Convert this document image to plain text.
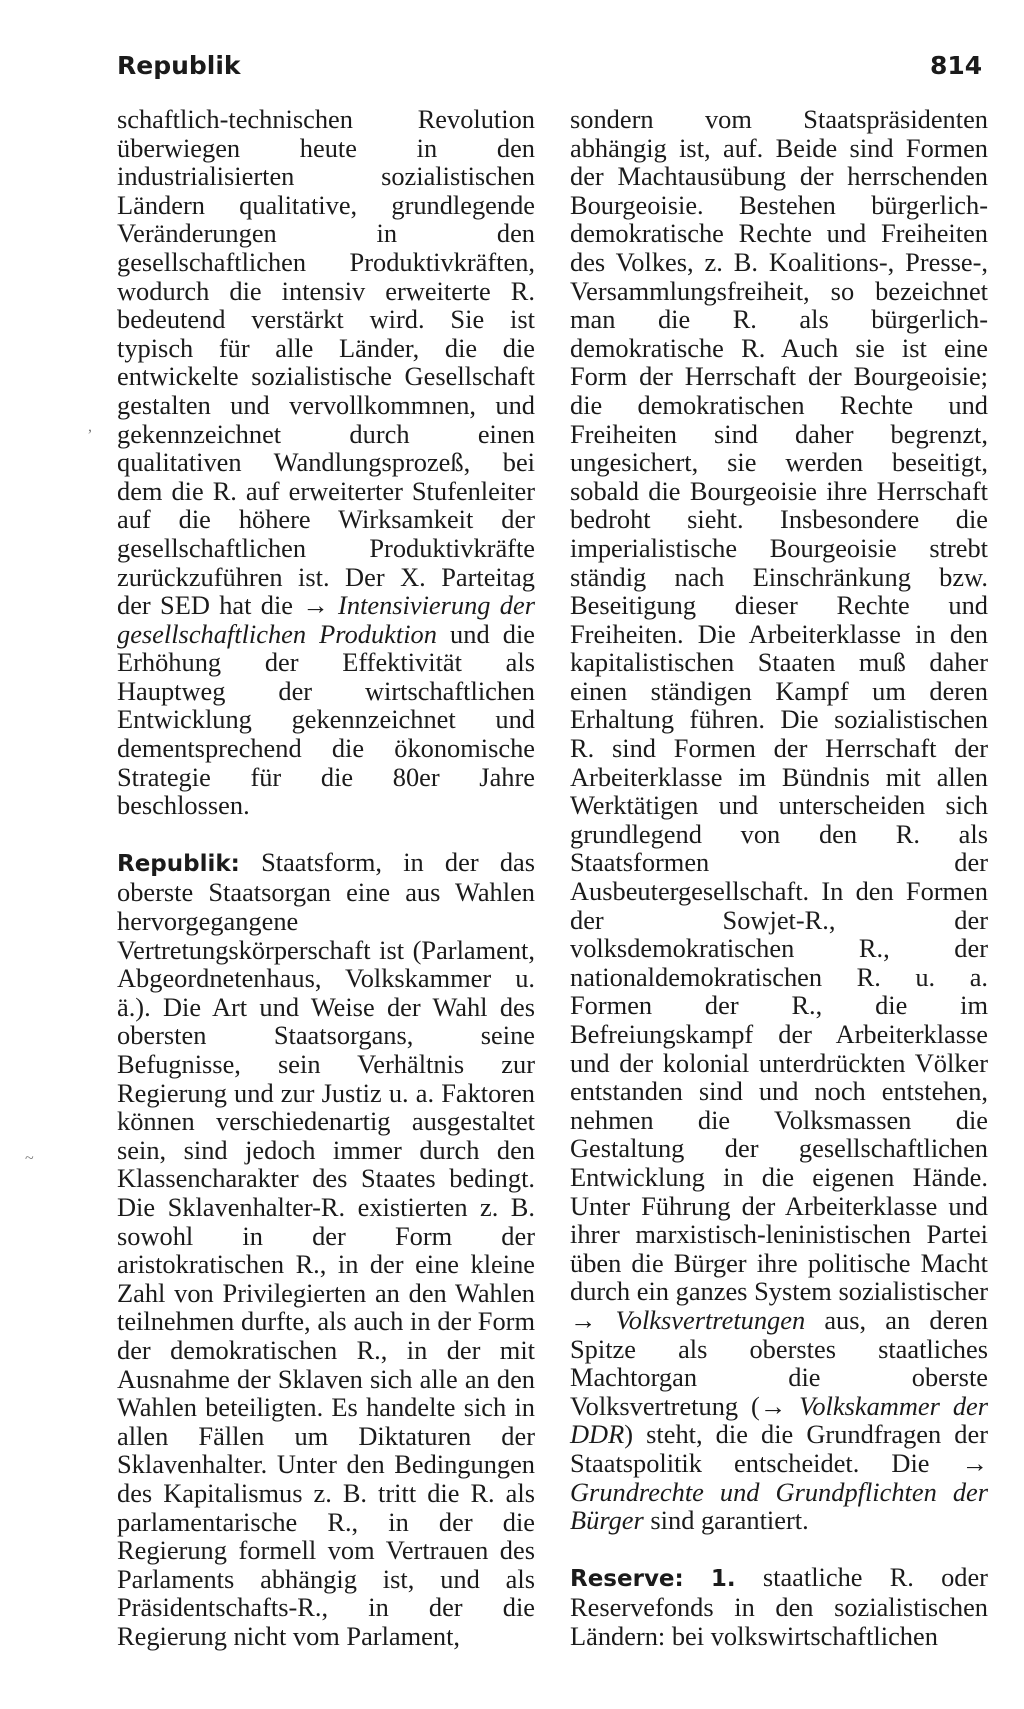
Republik	814

schaftlich-technischen Revolution überwiegen heute in den industrialisierten sozialistischen Ländern qualitative, grundlegende Veränderungen in den gesellschaftlichen Produktivkräften, wodurch die intensiv erweiterte R. bedeutend verstärkt wird. Sie ist typisch für alle Länder, die die entwickelte sozialistische Gesellschaft gestalten und vervollkommnen, und gekennzeichnet durch einen qualitativen Wandlungsprozeß, bei dem die R. auf erweiterter Stufenleiter auf die höhere Wirksamkeit der gesellschaftlichen Produktivkräfte zurückzuführen ist. Der X. Parteitag der SED hat die → Intensivierung der gesellschaftlichen Produktion und die Erhöhung der Effektivität als Hauptweg der wirtschaftlichen Entwicklung gekennzeichnet und dementsprechend die ökonomische Strategie für die 80er Jahre beschlossen.

Republik: Staatsform, in der das oberste Staatsorgan eine aus Wahlen hervorgegangene Vertretungskörperschaft ist (Parlament, Abgeordnetenhaus, Volkskammer u. ä.). Die Art und Weise der Wahl des obersten Staatsorgans, seine Befugnisse, sein Verhältnis zur Regierung und zur Justiz u. a. Faktoren können verschiedenartig ausgestaltet sein, sind jedoch immer durch den Klassencharakter des Staates bedingt. Die Sklavenhalter-R. existierten z. B. sowohl in der Form der aristokratischen R., in der eine kleine Zahl von Privilegierten an den Wahlen teilnehmen durfte, als auch in der Form der demokratischen R., in der mit Ausnahme der Sklaven sich alle an den Wahlen beteiligten. Es handelte sich in allen Fällen um Diktaturen der Sklavenhalter. Unter den Bedingungen des Kapitalismus z. B. tritt die R. als parlamentarische R., in der die Regierung formell vom Vertrauen des Parlaments abhängig ist, und als Präsidentschafts-R., in der die Regierung nicht vom Parlament,

sondern vom Staatspräsidenten abhängig ist, auf. Beide sind Formen der Machtausübung der herrschenden Bourgeoisie. Bestehen bürgerlich-demokratische Rechte und Freiheiten des Volkes, z. B. Koalitions-, Presse-, Versammlungsfreiheit, so bezeichnet man die R. als bürgerlich-demokratische R. Auch sie ist eine Form der Herrschaft der Bourgeoisie; die demokratischen Rechte und Freiheiten sind daher begrenzt, ungesichert, sie werden beseitigt, sobald die Bourgeoisie ihre Herrschaft bedroht sieht. Insbesondere die imperialistische Bourgeoisie strebt ständig nach Einschränkung bzw. Beseitigung dieser Rechte und Freiheiten. Die Arbeiterklasse in den kapitalistischen Staaten muß daher einen ständigen Kampf um deren Erhaltung führen. Die sozialistischen R. sind Formen der Herrschaft der Arbeiterklasse im Bündnis mit allen Werktätigen und unterscheiden sich grundlegend von den R. als Staatsformen der Ausbeutergesellschaft. In den Formen der Sowjet-R., der volksdemokratischen R., der nationaldemokratischen R. u. a. Formen der R., die im Befreiungskampf der Arbeiterklasse und der kolonial unterdrückten Völker entstanden sind und noch entstehen, nehmen die Volksmassen die Gestaltung der gesellschaftlichen Entwicklung in die eigenen Hände. Unter Führung der Arbeiterklasse und ihrer marxistisch-leninistischen Partei üben die Bürger ihre politische Macht durch ein ganzes System sozialistischer → Volksvertretungen aus, an deren Spitze als oberstes staatliches Machtorgan die oberste Volksvertretung (→ Volkskammer der DDR) steht, die die Grundfragen der Staatspolitik entscheidet. Die → Grundrechte und Grundpflichten der Bürger sind garantiert.

Reserve: 1. staatliche R. oder Reservefonds in den sozialistischen Ländern: bei volkswirtschaftlichen

~
,
